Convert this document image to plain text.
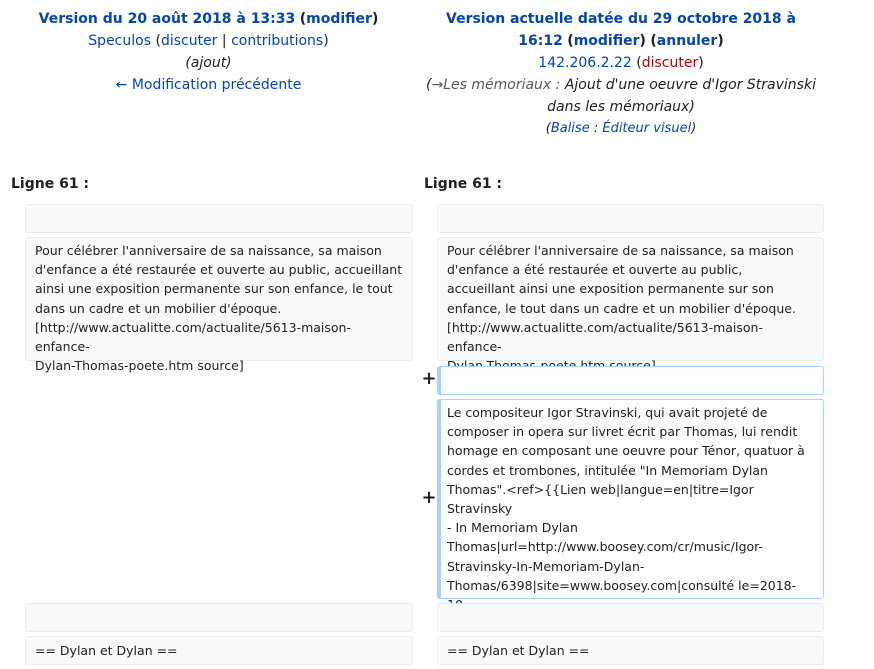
Version du 20 août 2018 à 13:33 (modifier)
Speculos (discuter | contributions)
(ajout)
← Modification précédente
Version actuelle datée du 29 octobre 2018 à
16:12 (modifier) (annuler)
142.206.2.22 (discuter)
(→Les mémoriaux : Ajout d'une oeuvre d'Igor Stravinski
dans les mémoriaux)
(Balise : Éditeur visuel)
Ligne 61 :	Ligne 61 :
Pour célébrer l'anniversaire de sa naissance, sa maison
d'enfance a été restaurée et ouverte au public, accueillant
ainsi une exposition permanente sur son enfance, le tout
dans un cadre et un mobilier d'époque.
[http://www.actualitte.com/actualite/5613-maison-enfance-
Dylan-Thomas-poete.htm source]
Pour célébrer l'anniversaire de sa naissance, sa maison
d'enfance a été restaurée et ouverte au public,
accueillant ainsi une exposition permanente sur son
enfance, le tout dans un cadre et un mobilier d'époque.
[http://www.actualitte.com/actualite/5613-maison-enfance-
+
+
Le compositeur Igor Stravinski, qui avait projeté de
composer in opera sur livret écrit par Thomas, lui rendit
homage en composant une oeuvre pour Ténor, quatuor à
cordes et trombones, intitulée "In Memoriam Dylan
Thomas".<ref>{{Lien web|langue=en|titre=Igor Stravinsky
- In Memoriam Dylan
Thomas|url=http://www.boosey.com/cr/music/Igor-
Stravinsky-In-Memoriam-Dylan-
Thomas/6398|site=www.boosey.com|consulté le=2018-
== Dylan et Dylan ==	== Dylan et Dylan ==
